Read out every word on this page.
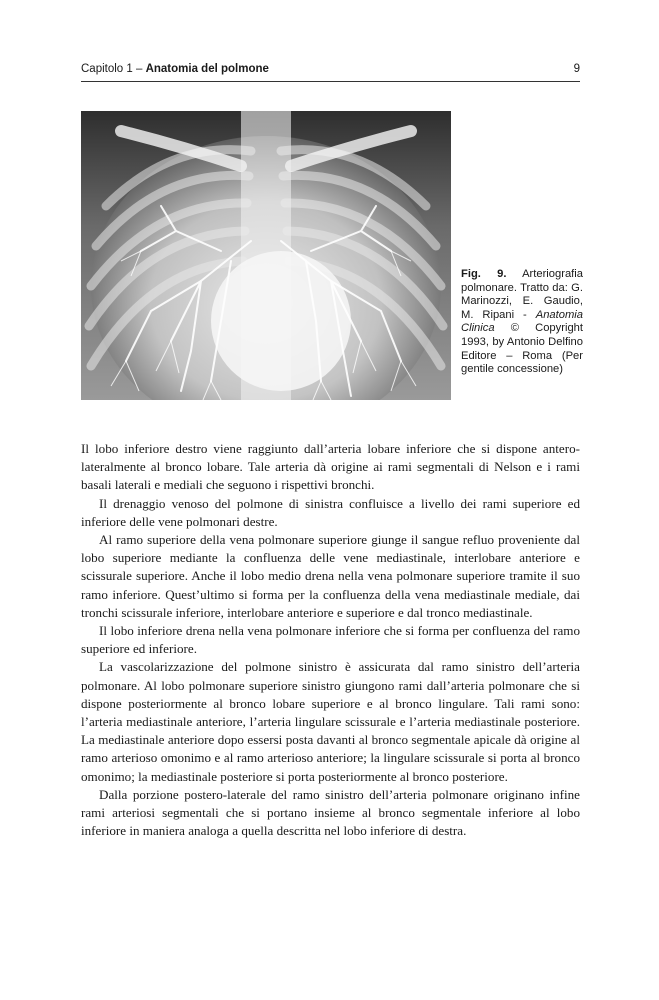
Capitolo 1 – Anatomia del polmone	9
Fig. 9. Arteriografia polmonare. Tratto da: G. Marinozzi, E. Gaudio, M. Ripani - Anatomia Clinica © Copyright 1993, by Antonio Delfino Editore – Roma (Per gentile concessione)

Il lobo inferiore destro viene raggiunto dall’arteria lobare inferiore che si dispone antero-lateralmente al bronco lobare. Tale arteria dà origine ai rami segmentali di Nelson e i rami basali laterali e mediali che seguono i rispettivi bronchi.

Il drenaggio venoso del polmone di sinistra confluisce a livello dei rami superiore ed inferiore delle vene polmonari destre.

Al ramo superiore della vena polmonare superiore giunge il sangue refluo proveniente dal lobo superiore mediante la confluenza delle vene mediastinale, interlobare anteriore e scissurale superiore. Anche il lobo medio drena nella vena polmonare superiore tramite il suo ramo inferiore. Quest’ultimo si forma per la confluenza della vena mediastinale mediale, dai tronchi scissurale inferiore, interlobare anteriore e superiore e dal tronco mediastinale.

Il lobo inferiore drena nella vena polmonare inferiore che si forma per confluenza del ramo superiore ed inferiore.

La vascolarizzazione del polmone sinistro è assicurata dal ramo sinistro dell’arteria polmonare. Al lobo polmonare superiore sinistro giungono rami dall’arteria polmonare che si dispone posteriormente al bronco lobare superiore e al bronco lingulare. Tali rami sono: l’arteria mediastinale anteriore, l’arteria lingulare scissurale e l’arteria mediastinale posteriore. La mediastinale anteriore dopo essersi posta davanti al bronco segmentale apicale dà origine al ramo arterioso omonimo e al ramo arterioso anteriore; la lingulare scissurale si porta al bronco omonimo; la mediastinale posteriore si porta posteriormente al bronco posteriore.

Dalla porzione postero-laterale del ramo sinistro dell’arteria polmonare originano infine rami arteriosi segmentali che si portano insieme al bronco segmentale inferiore al lobo inferiore in maniera analoga a quella descritta nel lobo inferiore di destra.
